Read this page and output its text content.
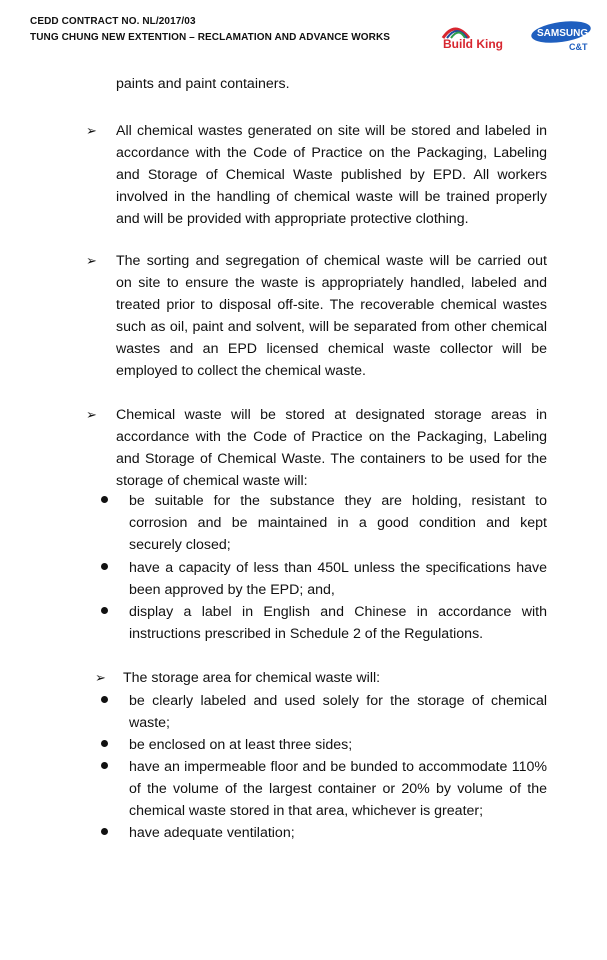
CEDD CONTRACT NO. NL/2017/03
TUNG CHUNG NEW EXTENTION – RECLAMATION AND ADVANCE WORKS	Build King
SAMSUNG
C&T
paints and paint containers.
➢ All chemical wastes generated on site will be stored and labeled in
accordance with the Code of Practice on the Packaging, Labeling
and Storage of Chemical Waste published by EPD. All workers
involved in the handling of chemical waste will be trained properly
and will be provided with appropriate protective clothing.
➢ The sorting and segregation of chemical waste will be carried out
on site to ensure the waste is appropriately handled, labeled and
treated prior to disposal off-site. The recoverable chemical wastes
such as oil, paint and solvent, will be separated from other chemical
wastes and an EPD licensed chemical waste collector will be
employed to collect the chemical waste.
➢ Chemical waste will be stored at designated storage areas in
accordance with the Code of Practice on the Packaging, Labeling
and Storage of Chemical Waste. The containers to be used for the
storage of chemical waste will:
be suitable for the substance they are holding, resistant to
corrosion and be maintained in a good condition and kept
securely closed;
have a capacity of less than 450L unless the specifications have
been approved by the EPD; and,
display a label in English and Chinese in accordance with
instructions prescribed in Schedule 2 of the Regulations.
➢ The storage area for chemical waste will:
be clearly labeled and used solely for the storage of chemical
waste;
be enclosed on at least three sides;
have an impermeable floor and be bunded to accommodate 110%
of the volume of the largest container or 20% by volume of the
chemical waste stored in that area, whichever is greater;
have adequate ventilation;
